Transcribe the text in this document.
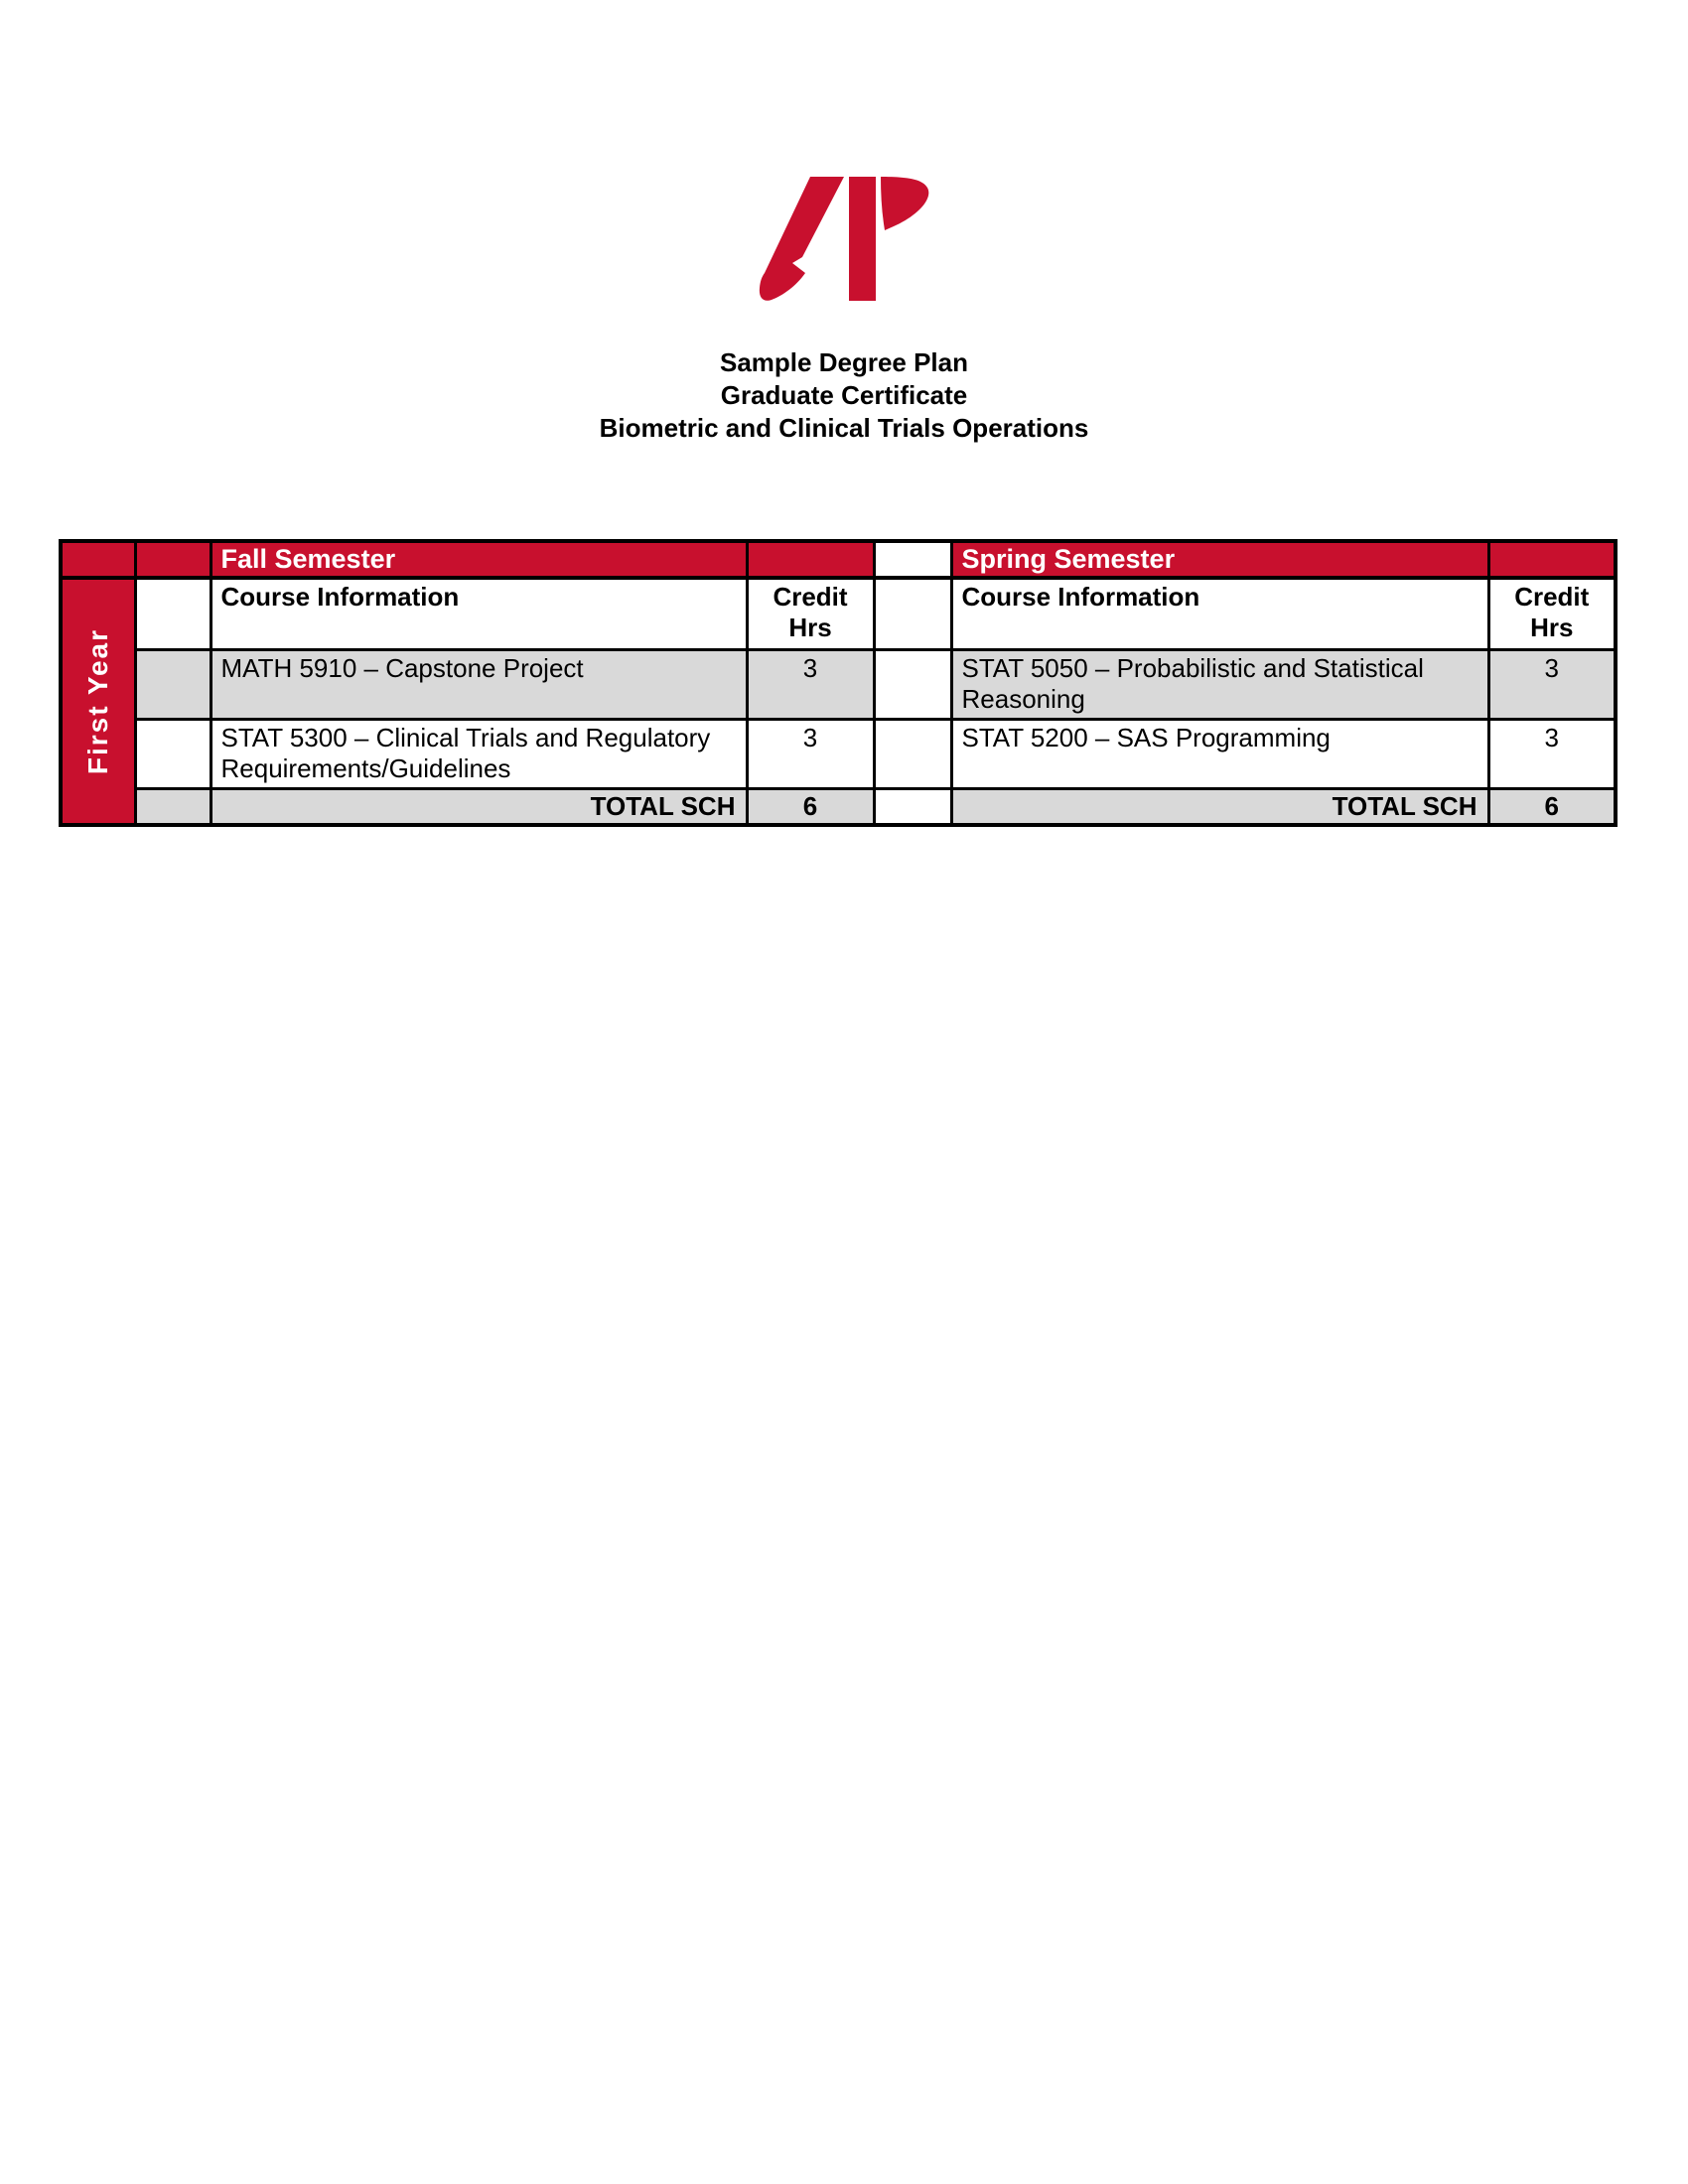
Sample Degree Plan
Graduate Certificate
Biometric and Clinical Trials Operations
		Fall Semester			Spring Semester	

First Year		Course Information	Credit Hrs		Course Information	Credit Hrs
		MATH 5910 – Capstone Project	3		STAT 5050 – Probabilistic and Statistical Reasoning	3
		STAT 5300 – Clinical Trials and Regulatory Requirements/Guidelines	3		STAT 5200 – SAS Programming	3
		TOTAL SCH	6		TOTAL SCH	6
